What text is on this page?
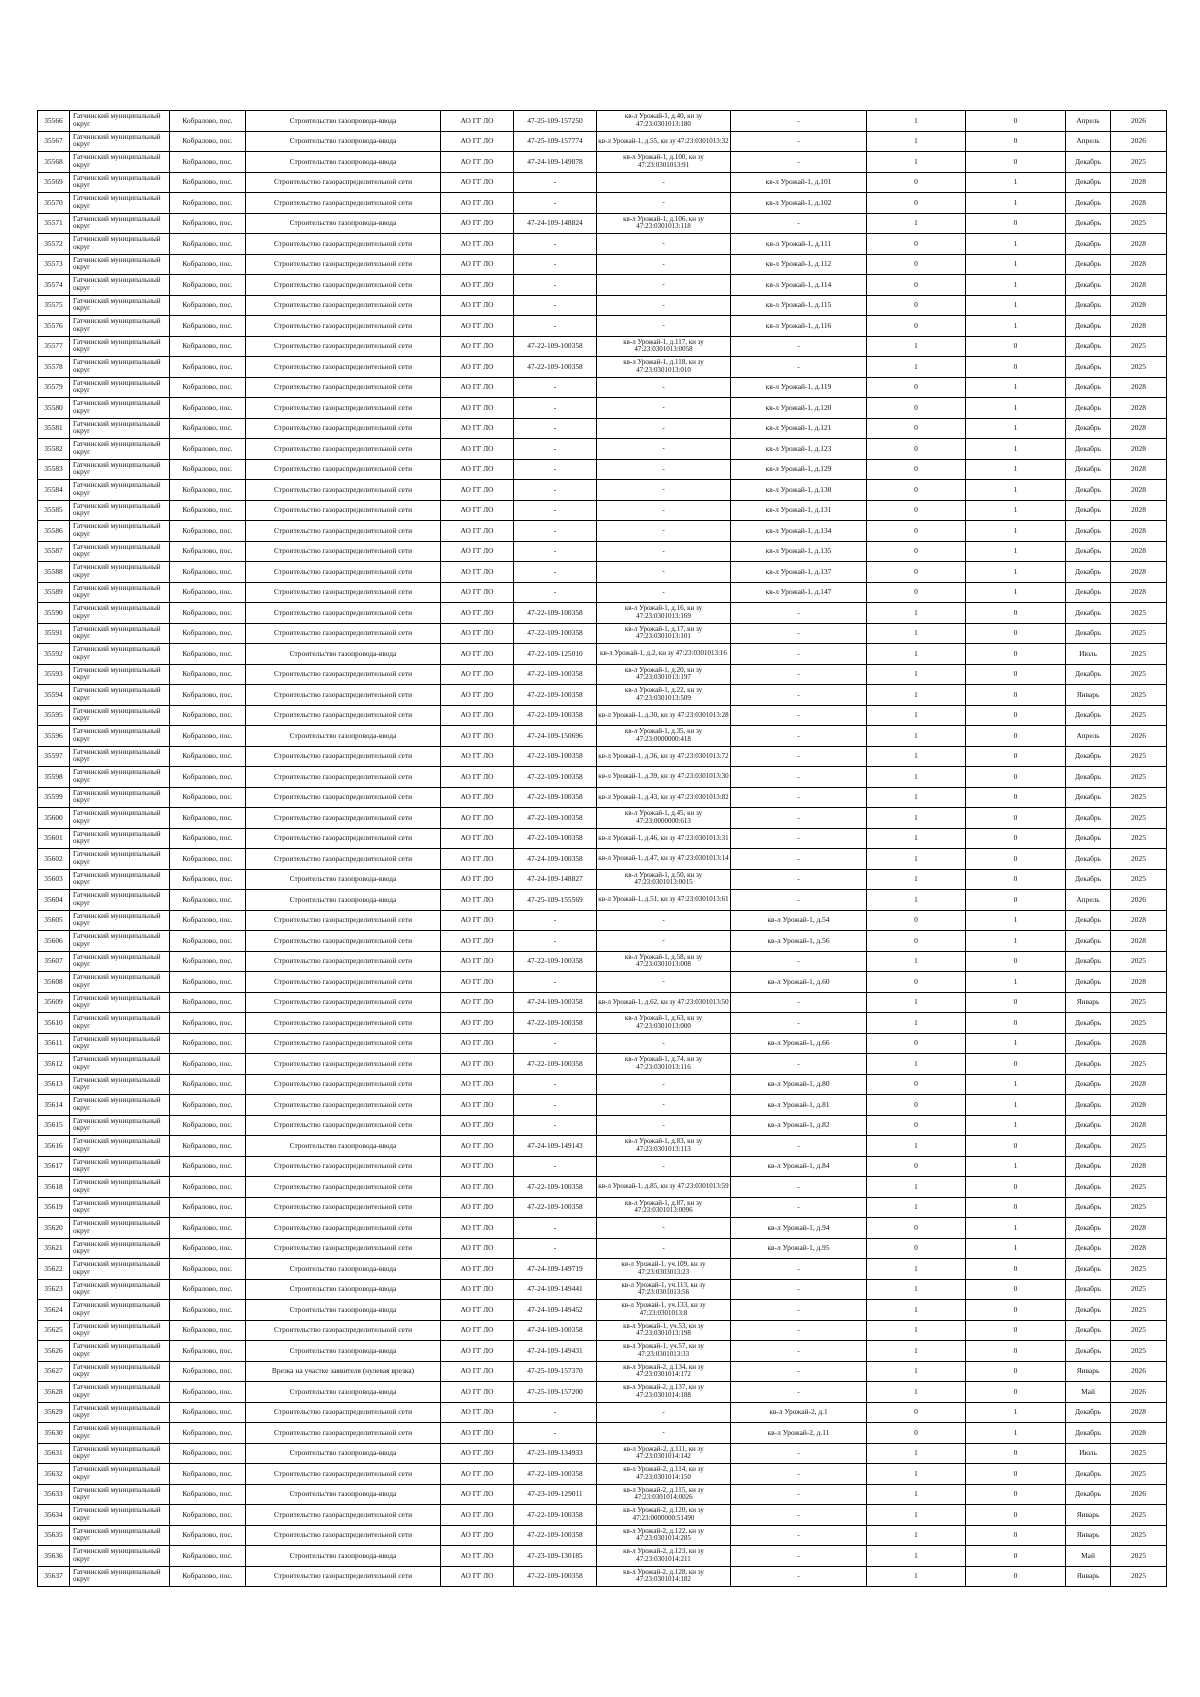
35566	Гатчинский муниципальный округ	Кобралово, пос.	Строительство газопровода-ввода	АО ГГ ЛО	47-25-109-157250	кв-л Урожай-1, д.40, кн зу 47:23:0301013:180	-	1	0	Апрель	2026
35567	Гатчинский муниципальный округ	Кобралово, пос.	Строительство газопровода-ввода	АО ГГ ЛО	47-25-109-157774	кв-л Урожай-1, д.55, кн зу 47:23:0301013:32	-	1	0	Апрель	2026
35568	Гатчинский муниципальный округ	Кобралово, пос.	Строительство газопровода-ввода	АО ГГ ЛО	47-24-109-149878	кв-л Урожай-1, д.100, кн зу 47:23:0301013:91	-	1	0	Декабрь	2025
35569	Гатчинский муниципальный округ	Кобралово, пос.	Строительство газораспределительной сети	АО ГГ ЛО	-	-	кв-л Урожай-1, д.101	0	1	Декабрь	2028
35570	Гатчинский муниципальный округ	Кобралово, пос.	Строительство газораспределительной сети	АО ГГ ЛО	-	-	кв-л Урожай-1, д.102	0	1	Декабрь	2028
35571	Гатчинский муниципальный округ	Кобралово, пос.	Строительство газопровода-ввода	АО ГГ ЛО	47-24-109-148824	кв-л Урожай-1, д.106, кн зу 47:23:0301013:118	-	1	0	Декабрь	2025
35572	Гатчинский муниципальный округ	Кобралово, пос.	Строительство газораспределительной сети	АО ГГ ЛО	-	-	кв-л Урожай-1, д.111	0	1	Декабрь	2028
35573	Гатчинский муниципальный округ	Кобралово, пос.	Строительство газораспределительной сети	АО ГГ ЛО	-	-	кв-л Урожай-1, д.112	0	1	Декабрь	2028
35574	Гатчинский муниципальный округ	Кобралово, пос.	Строительство газораспределительной сети	АО ГГ ЛО	-	-	кв-л Урожай-1, д.114	0	1	Декабрь	2028
35575	Гатчинский муниципальный округ	Кобралово, пос.	Строительство газораспределительной сети	АО ГГ ЛО	-	-	кв-л Урожай-1, д.115	0	1	Декабрь	2028
35576	Гатчинский муниципальный округ	Кобралово, пос.	Строительство газораспределительной сети	АО ГГ ЛО	-	-	кв-л Урожай-1, д.116	0	1	Декабрь	2028
35577	Гатчинский муниципальный округ	Кобралово, пос.	Строительство газораспределительной сети	АО ГГ ЛО	47-22-109-100358	кв-л Урожай-1, д.117, кн зу 47:23:0301013:0058	-	1	0	Декабрь	2025
35578	Гатчинский муниципальный округ	Кобралово, пос.	Строительство газораспределительной сети	АО ГГ ЛО	47-22-109-100358	кв-л Урожай-1, д.118, кн зу 47:23:0301013:010	-	1	0	Декабрь	2025
35579	Гатчинский муниципальный округ	Кобралово, пос.	Строительство газораспределительной сети	АО ГГ ЛО	-	-	кв-л Урожай-1, д.119	0	1	Декабрь	2028
35580	Гатчинский муниципальный округ	Кобралово, пос.	Строительство газораспределительной сети	АО ГГ ЛО	-	-	кв-л Урожай-1, д.120	0	1	Декабрь	2028
35581	Гатчинский муниципальный округ	Кобралово, пос.	Строительство газораспределительной сети	АО ГГ ЛО	-	-	кв-л Урожай-1, д.121	0	1	Декабрь	2028
35582	Гатчинский муниципальный округ	Кобралово, пос.	Строительство газораспределительной сети	АО ГГ ЛО	-	-	кв-л Урожай-1, д.123	0	1	Декабрь	2028
35583	Гатчинский муниципальный округ	Кобралово, пос.	Строительство газораспределительной сети	АО ГГ ЛО	-	-	кв-л Урожай-1, д.129	0	1	Декабрь	2028
35584	Гатчинский муниципальный округ	Кобралово, пос.	Строительство газораспределительной сети	АО ГГ ЛО	-	-	кв-л Урожай-1, д.130	0	1	Декабрь	2028
35585	Гатчинский муниципальный округ	Кобралово, пос.	Строительство газораспределительной сети	АО ГГ ЛО	-	-	кв-л Урожай-1, д.131	0	1	Декабрь	2028
35586	Гатчинский муниципальный округ	Кобралово, пос.	Строительство газораспределительной сети	АО ГГ ЛО	-	-	кв-л Урожай-1, д.134	0	1	Декабрь	2028
35587	Гатчинский муниципальный округ	Кобралово, пос.	Строительство газораспределительной сети	АО ГГ ЛО	-	-	кв-л Урожай-1, д.135	0	1	Декабрь	2028
35588	Гатчинский муниципальный округ	Кобралово, пос.	Строительство газораспределительной сети	АО ГГ ЛО	-	-	кв-л Урожай-1, д.137	0	1	Декабрь	2028
35589	Гатчинский муниципальный округ	Кобралово, пос.	Строительство газораспределительной сети	АО ГГ ЛО	-	-	кв-л Урожай-1, д.147	0	1	Декабрь	2028
35590	Гатчинский муниципальный округ	Кобралово, пос.	Строительство газораспределительной сети	АО ГГ ЛО	47-22-109-100358	кв-л Урожай-1, д.16, кн зу 47:23:0301013:169	-	1	0	Декабрь	2025
35591	Гатчинский муниципальный округ	Кобралово, пос.	Строительство газораспределительной сети	АО ГГ ЛО	47-22-109-100358	кв-л Урожай-1, д.17, кн зу 47:23:0301013:101	-	1	0	Декабрь	2025
35592	Гатчинский муниципальный округ	Кобралово, пос.	Строительство газопровода-ввода	АО ГГ ЛО	47-22-109-125010	кв-л Урожай-1, д.2, кн зу 47:23:0301013:16	-	1	0	Июль	2025
35593	Гатчинский муниципальный округ	Кобралово, пос.	Строительство газораспределительной сети	АО ГГ ЛО	47-22-109-100358	кв-л Урожай-1, д.20, кн зу 47:23:0301013:197	-	1	0	Декабрь	2025
35594	Гатчинский муниципальный округ	Кобралово, пос.	Строительство газораспределительной сети	АО ГГ ЛО	47-22-109-100358	кв-л Урожай-1, д.22, кн зу 47:23:0301013:509	-	1	0	Январь	2025
35595	Гатчинский муниципальный округ	Кобралово, пос.	Строительство газораспределительной сети	АО ГГ ЛО	47-22-109-100358	кв-л Урожай-1, д.30, кн зу 47:23:0301013:28	-	1	0	Декабрь	2025
35596	Гатчинский муниципальный округ	Кобралово, пос.	Строительство газопровода-ввода	АО ГГ ЛО	47-24-109-150696	кв-л Урожай-1, д.35, кн зу 47:23:0000000:418	-	1	0	Апрель	2026
35597	Гатчинский муниципальный округ	Кобралово, пос.	Строительство газораспределительной сети	АО ГГ ЛО	47-22-109-100358	кв-л Урожай-1, д.36, кн зу 47:23:0301013:72	-	1	0	Декабрь	2025
35598	Гатчинский муниципальный округ	Кобралово, пос.	Строительство газораспределительной сети	АО ГГ ЛО	47-22-109-100358	кв-л Урожай-1, д.39, кн зу 47:23:0301013:30	-	1	0	Декабрь	2025
35599	Гатчинский муниципальный округ	Кобралово, пос.	Строительство газораспределительной сети	АО ГГ ЛО	47-22-109-100358	кв-л Урожай-1, д.43, кн зу 47:23:0301013:82	-	1	0	Декабрь	2025
35600	Гатчинский муниципальный округ	Кобралово, пос.	Строительство газораспределительной сети	АО ГГ ЛО	47-22-109-100358	кв-л Урожай-1, д.45, кн зу 47:23:0000000:613	-	1	0	Декабрь	2025
35601	Гатчинский муниципальный округ	Кобралово, пос.	Строительство газораспределительной сети	АО ГГ ЛО	47-22-109-100358	кв-л Урожай-1, д.46, кн зу 47:23:0301013:31	-	1	0	Декабрь	2025
35602	Гатчинский муниципальный округ	Кобралово, пос.	Строительство газораспределительной сети	АО ГГ ЛО	47-24-109-100358	кв-л Урожай-1, д.47, кн зу 47:23:0301013:14	-	1	0	Декабрь	2025
35603	Гатчинский муниципальный округ	Кобралово, пос.	Строительство газопровода-ввода	АО ГГ ЛО	47-24-109-148827	кв-л Урожай-1, д.50, кн зу 47:23:0301013:0015	-	1	0	Декабрь	2025
35604	Гатчинский муниципальный округ	Кобралово, пос.	Строительство газопровода-ввода	АО ГГ ЛО	47-25-109-155569	кв-л Урожай-1, д.51, кн зу 47:23:0301013:61	-	1	0	Апрель	2026
35605	Гатчинский муниципальный округ	Кобралово, пос.	Строительство газораспределительной сети	АО ГГ ЛО	-	-	кв-л Урожай-1, д.54	0	1	Декабрь	2028
35606	Гатчинский муниципальный округ	Кобралово, пос.	Строительство газораспределительной сети	АО ГГ ЛО	-	-	кв-л Урожай-1, д.56	0	1	Декабрь	2028
35607	Гатчинский муниципальный округ	Кобралово, пос.	Строительство газораспределительной сети	АО ГГ ЛО	47-22-109-100358	кв-л Урожай-1, д.58, кн зу 47:23:0301013:008	-	1	0	Декабрь	2025
35608	Гатчинский муниципальный округ	Кобралово, пос.	Строительство газораспределительной сети	АО ГГ ЛО	-	-	кв-л Урожай-1, д.60	0	1	Декабрь	2028
35609	Гатчинский муниципальный округ	Кобралово, пос.	Строительство газораспределительной сети	АО ГГ ЛО	47-24-109-100358	кв-л Урожай-1, д.62, кн зу 47:23:0301013:50	-	1	0	Январь	2025
35610	Гатчинский муниципальный округ	Кобралово, пос.	Строительство газораспределительной сети	АО ГГ ЛО	47-22-109-100358	кв-л Урожай-1, д.63, кн зу 47:23:0301013:000	-	1	0	Декабрь	2025
35611	Гатчинский муниципальный округ	Кобралово, пос.	Строительство газораспределительной сети	АО ГГ ЛО	-	-	кв-л Урожай-1, д.66	0	1	Декабрь	2028
35612	Гатчинский муниципальный округ	Кобралово, пос.	Строительство газораспределительной сети	АО ГГ ЛО	47-22-109-100358	кв-л Урожай-1, д.74, кн зу 47:23:0301013:116	-	1	0	Декабрь	2025
35613	Гатчинский муниципальный округ	Кобралово, пос.	Строительство газораспределительной сети	АО ГГ ЛО	-	-	кв-л Урожай-1, д.80	0	1	Декабрь	2028
35614	Гатчинский муниципальный округ	Кобралово, пос.	Строительство газораспределительной сети	АО ГГ ЛО	-	-	кв-л Урожай-1, д.81	0	1	Декабрь	2028
35615	Гатчинский муниципальный округ	Кобралово, пос.	Строительство газораспределительной сети	АО ГГ ЛО	-	-	кв-л Урожай-1, д.82	0	1	Декабрь	2028
35616	Гатчинский муниципальный округ	Кобралово, пос.	Строительство газопровода-ввода	АО ГГ ЛО	47-24-109-149143	кв-л Урожай-1, д.83, кн зу 47:23:0301013:113	-	1	0	Декабрь	2025
35617	Гатчинский муниципальный округ	Кобралово, пос.	Строительство газораспределительной сети	АО ГГ ЛО	-	-	кв-л Урожай-1, д.84	0	1	Декабрь	2028
35618	Гатчинский муниципальный округ	Кобралово, пос.	Строительство газораспределительной сети	АО ГГ ЛО	47-22-109-100358	кв-л Урожай-1, д.85, кн зу 47:23:0301013:59	-	1	0	Декабрь	2025
35619	Гатчинский муниципальный округ	Кобралово, пос.	Строительство газораспределительной сети	АО ГГ ЛО	47-22-109-100358	кв-л Урожай-1, д.87, кн зу 47:23:0301013:0096	-	1	0	Декабрь	2025
35620	Гатчинский муниципальный округ	Кобралово, пос.	Строительство газораспределительной сети	АО ГГ ЛО	-	-	кв-л Урожай-1, д.94	0	1	Декабрь	2028
35621	Гатчинский муниципальный округ	Кобралово, пос.	Строительство газораспределительной сети	АО ГГ ЛО	-	-	кв-л Урожай-1, д.95	0	1	Декабрь	2028
35622	Гатчинский муниципальный округ	Кобралово, пос.	Строительство газопровода-ввода	АО ГГ ЛО	47-24-109-149719	кв-л Урожай-1, уч.109, кн зу 47:23:0303013:23	-	1	0	Декабрь	2025
35623	Гатчинский муниципальный округ	Кобралово, пос.	Строительство газопровода-ввода	АО ГГ ЛО	47-24-109-149441	кв-л Урожай-1, уч.113, кн зу 47:23:0301013:56	-	1	0	Декабрь	2025
35624	Гатчинский муниципальный округ	Кобралово, пос.	Строительство газопровода-ввода	АО ГГ ЛО	47-24-109-149452	кв-л Урожай-1, уч.133, кн зу 47:23:0301013:8	-	1	0	Декабрь	2025
35625	Гатчинский муниципальный округ	Кобралово, пос.	Строительство газораспределительной сети	АО ГГ ЛО	47-24-109-100358	кв-л Урожай-1, уч.53, кн зу 47:23:0301013:198	-	1	0	Декабрь	2025
35626	Гатчинский муниципальный округ	Кобралово, пос.	Строительство газопровода-ввода	АО ГГ ЛО	47-24-109-149431	кв-л Урожай-1, уч.57, кн зу 47:23:0301013:33	-	1	0	Декабрь	2025
35627	Гатчинский муниципальный округ	Кобралово, пос.	Врезка на участке заявителя (нулевая врезка)	АО ГГ ЛО	47-25-109-157370	кв-л Урожай-2, д.134, кн зу 47:23:0301014:172	-	1	0	Январь	2026
35628	Гатчинский муниципальный округ	Кобралово, пос.	Строительство газопровода-ввода	АО ГГ ЛО	47-25-109-157200	кв-л Урожай-2, д.137, кн зу 47:23:0301014:188	-	1	0	Май	2026
35629	Гатчинский муниципальный округ	Кобралово, пос.	Строительство газораспределительной сети	АО ГГ ЛО	-	-	кв-л Урожай-2, д.1	0	1	Декабрь	2028
35630	Гатчинский муниципальный округ	Кобралово, пос.	Строительство газораспределительной сети	АО ГГ ЛО	-	-	кв-л Урожай-2, д.11	0	1	Декабрь	2028
35631	Гатчинский муниципальный округ	Кобралово, пос.	Строительство газопровода-ввода	АО ГГ ЛО	47-23-109-134933	кв-л Урожай-2, д.111, кн зу 47:23:0301014:142	-	1	0	Июль	2025
35632	Гатчинский муниципальный округ	Кобралово, пос.	Строительство газораспределительной сети	АО ГГ ЛО	47-22-109-100358	кв-л Урожай-2, д.114, кн зу 47:23:0301014:150	-	1	0	Декабрь	2025
35633	Гатчинский муниципальный округ	Кобралово, пос.	Строительство газопровода-ввода	АО ГГ ЛО	47-23-109-129011	кв-л Урожай-2, д.115, кн зу 47:23:0301014:0026	-	1	0	Декабрь	2026
35634	Гатчинский муниципальный округ	Кобралово, пос.	Строительство газораспределительной сети	АО ГГ ЛО	47-22-109-100358	кв-л Урожай-2, д.120, кн зу 47:23:0000000:51490	-	1	0	Январь	2025
35635	Гатчинский муниципальный округ	Кобралово, пос.	Строительство газораспределительной сети	АО ГГ ЛО	47-22-109-100358	кв-л Урожай-2, д.122, кн зу 47:23:0301014:285	-	1	0	Январь	2025
35636	Гатчинский муниципальный округ	Кобралово, пос.	Строительство газопровода-ввода	АО ГГ ЛО	47-23-109-130185	кв-л Урожай-2, д.123, кн зу 47:23:0301014:211	-	1	0	Май	2025
35637	Гатчинский муниципальный округ	Кобралово, пос.	Строительство газораспределительной сети	АО ГГ ЛО	47-22-109-100358	кв-л Урожай-2, д.128, кн зу 47:23:0301014:182	-	1	0	Январь	2025
